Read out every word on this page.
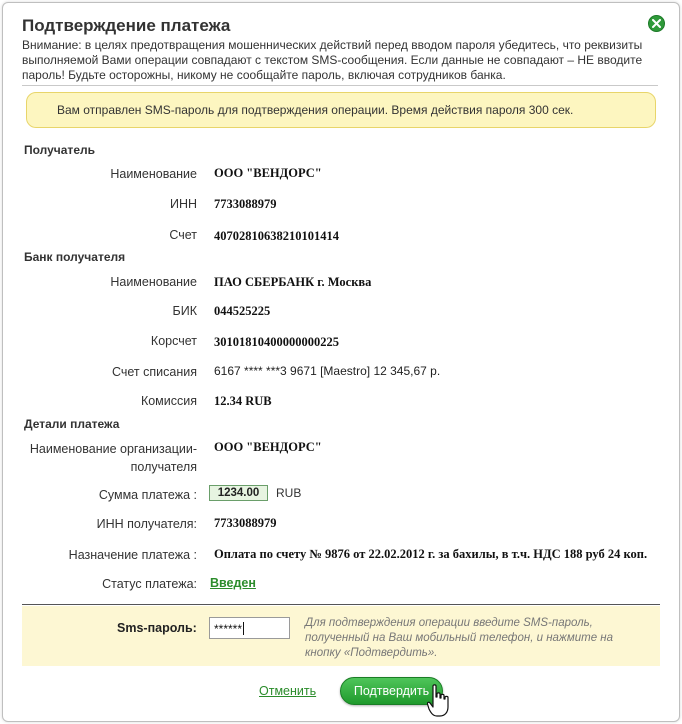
Подтверждение платежа
Внимание: в целях предотвращения мошеннических действий перед вводом пароля убедитесь, что реквизиты выполняемой Вами операции совпадают с текстом SMS-сообщения. Если данные не совпадают – НЕ вводите пароль! Будьте осторожны, никому не сообщайте пароль, включая сотрудников банка.
Вам отправлен SMS-пароль для подтверждения операции. Время действия пароля 300 сек.
Получатель
Наименование ООО "ВЕНДОРС"
ИНН 7733088979
Счет 40702810638210101414
Банк получателя
Наименование ПАО СБЕРБАНК г. Москва
БИК 044525225
Корсчет 30101810400000000225
Счет списания 6167 **** ***3 9671 [Maestro] 12 345,67 р.
Комиссия 12.34 RUB
Детали платежа
Наименование организации-получателя
ООО "ВЕНДОРС"
Сумма платежа :	1234.00	RUB
ИНН получателя: 7733088979
Назначение платежа : Оплата по счету № 9876 от 22.02.2012 г. за бахилы, в т.ч. НДС 188 руб 24 коп.
Статус платежа: Введен
Sms-пароль:	******	Для подтверждения операции введите SMS-пароль, полученный на Ваш мобильный телефон, и нажмите на кнопку «Подтвердить».
Отменить	Подтвердить
